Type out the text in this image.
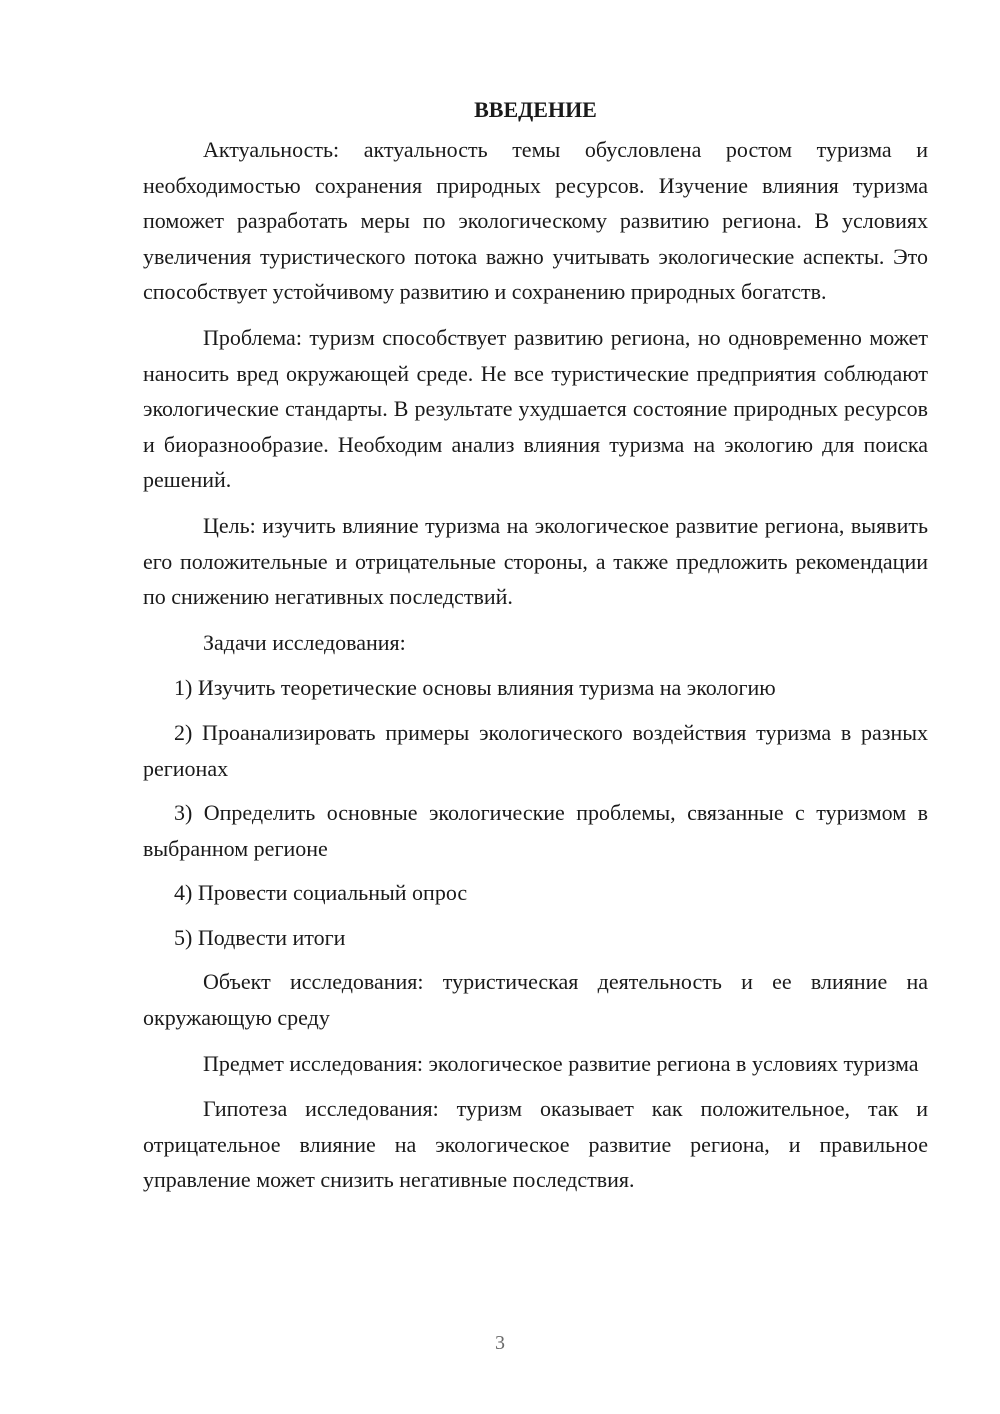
ВВЕДЕНИЕ

Актуальность: актуальность темы обусловлена ростом туризма и необходимостью сохранения природных ресурсов. Изучение влияния туризма поможет разработать меры по экологическому развитию региона. В условиях увеличения туристического потока важно учитывать экологические аспекты. Это способствует устойчивому развитию и сохранению природных богатств.

Проблема: туризм способствует развитию региона, но одновременно может наносить вред окружающей среде. Не все туристические предприятия соблюдают экологические стандарты. В результате ухудшается состояние природных ресурсов и биоразнообразие. Необходим анализ влияния туризма на экологию для поиска решений.

Цель: изучить влияние туризма на экологическое развитие региона, выявить его положительные и отрицательные стороны, а также предложить рекомендации по снижению негативных последствий.

Задачи исследования:

1) Изучить теоретические основы влияния туризма на экологию

2) Проанализировать примеры экологического воздействия туризма в разных регионах

3) Определить основные экологические проблемы, связанные с туризмом в выбранном регионе

4) Провести социальный опрос

5) Подвести итоги

Объект исследования: туристическая деятельность и ее влияние на окружающую среду

Предмет исследования: экологическое развитие региона в условиях туризма

Гипотеза исследования: туризм оказывает как положительное, так и отрицательное влияние на экологическое развитие региона, и правильное управление может снизить негативные последствия.

3
